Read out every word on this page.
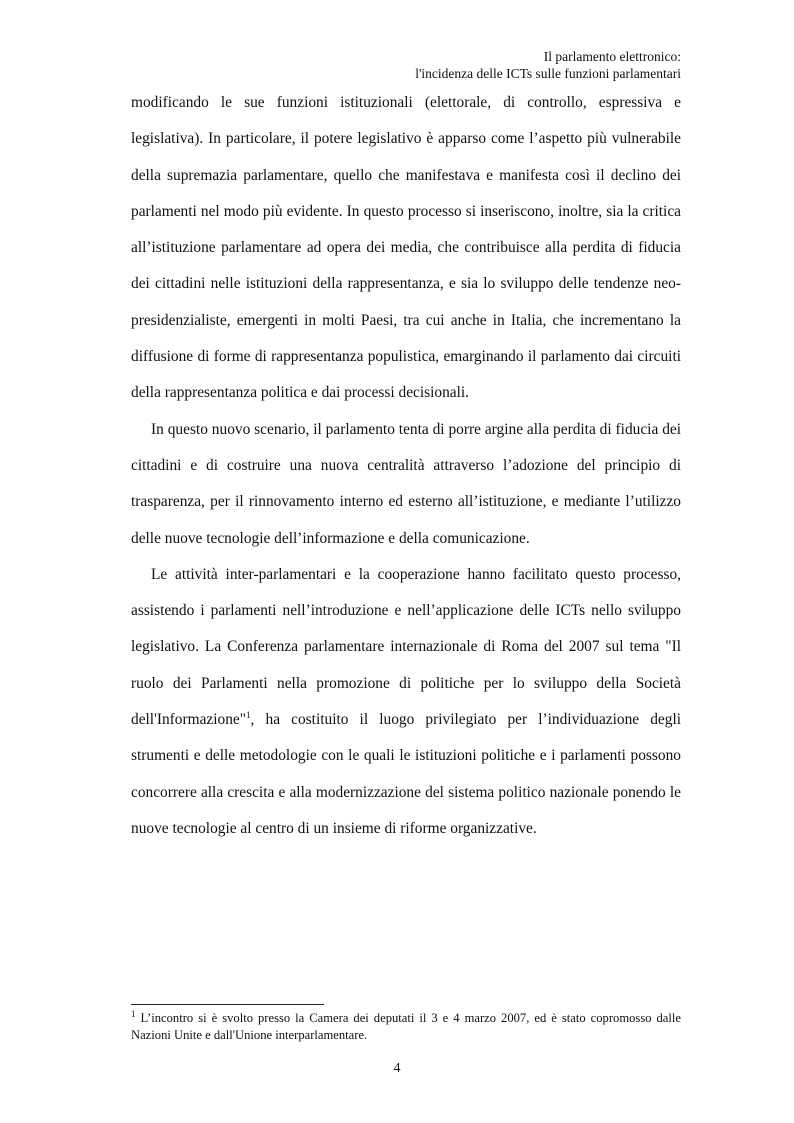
Il parlamento elettronico:
l'incidenza delle ICTs sulle funzioni parlamentari

modificando le sue funzioni istituzionali (elettorale, di controllo, espressiva e legislativa). In particolare, il potere legislativo è apparso come l’aspetto più vulnerabile della supremazia parlamentare, quello che manifestava e manifesta così il declino dei parlamenti nel modo più evidente. In questo processo si inseriscono, inoltre, sia la critica all’istituzione parlamentare ad opera dei media, che contribuisce alla perdita di fiducia dei cittadini nelle istituzioni della rappresentanza, e sia lo sviluppo delle tendenze neo-presidenzialiste, emergenti in molti Paesi, tra cui anche in Italia, che incrementano la diffusione di forme di rappresentanza populistica, emarginando il parlamento dai circuiti della rappresentanza politica e dai processi decisionali.

In questo nuovo scenario, il parlamento tenta di porre argine alla perdita di fiducia dei cittadini e di costruire una nuova centralità attraverso l’adozione del principio di trasparenza, per il rinnovamento interno ed esterno all’istituzione, e mediante l’utilizzo delle nuove tecnologie dell’informazione e della comunicazione.

Le attività inter-parlamentari e la cooperazione hanno facilitato questo processo, assistendo i parlamenti nell’introduzione e nell’applicazione delle ICTs nello sviluppo legislativo. La Conferenza parlamentare internazionale di Roma del 2007 sul tema "Il ruolo dei Parlamenti nella promozione di politiche per lo sviluppo della Società dell'Informazione"$^1$, ha costituito il luogo privilegiato per l’individuazione degli strumenti e delle metodologie con le quali le istituzioni politiche e i parlamenti possono concorrere alla crescita e alla modernizzazione del sistema politico nazionale ponendo le nuove tecnologie al centro di un insieme di riforme organizzative.

$^1$ L’incontro si è svolto presso la Camera dei deputati il 3 e 4 marzo 2007, ed è stato copromosso dalle Nazioni Unite e dall'Unione interparlamentare.
4
